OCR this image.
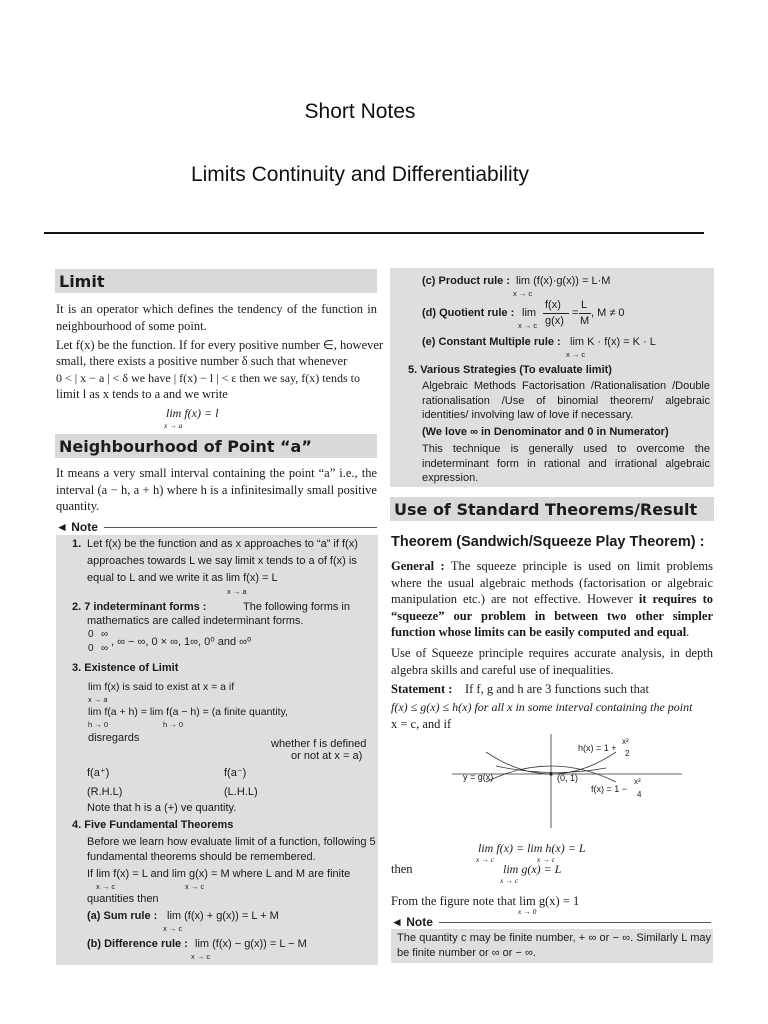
Short Notes
Limits Continuity and Differentiability
Limit
It is an operator which defines the tendency of the function in neighbourhood of some point.
Let f(x) be the function. If for every positive number ∈, however
small, there exists a positive number δ such that whenever
0 < | x − a | < δ we have | f(x) − l | < ε then we say, f(x) tends to
limit l as x tends to a and we write
lim f(x) = l
x → a
Neighbourhood of Point “a”
It means a very small interval containing the point “a” i.e., the interval (a − h, a + h) where h is a infinitesimally small positive quantity.
◄ Note
1. Let f(x) be the function and as x approaches to “a” if f(x)
approaches towards L we say limit x tends to a of f(x) is
equal to L and we write it as lim f(x) = L
x → a
2. 7 indeterminant forms :	The following forms in
mathematics are called indeterminant forms.
0
0
∞
∞
, ∞ − ∞, 0 × ∞, 1∞, 0⁰ and ∞⁰
3. Existence of Limit
lim f(x) is said to exist at x = a if
x → a
lim f(a + h) = lim f(a − h) = (a finite quantity,
h → 0	h → 0
disregards	whether f is defined
or not at x = a)
f(a⁺)	f(a⁻)
(R.H.L)	(L.H.L)
Note that h is a (+) ve quantity.
4. Five Fundamental Theorems
Before we learn how evaluate limit of a function, following 5
fundamental theorems should be remembered.
If lim f(x) = L and lim g(x) = M where L and M are finite
x → c	x → c
quantities then
(a) Sum rule : lim (f(x) + g(x)) = L + M
x → c
(b) Difference rule : lim (f(x) − g(x)) = L − M
x → c
(c) Product rule : lim (f(x)·g(x)) = L·M
x → c
(d) Quotient rule : lim
x → c
f(x)
g(x)
=
L
M
, M ≠ 0
(e) Constant Multiple rule : lim K · f(x) = K · L
x → c
5. Various Strategies (To evaluate limit)
Algebraic Methods Factorisation /Rationalisation /Double rationalisation /Use of binomial theorem/ algebraic identities/ involving law of love if necessary.
(We love ∞ in Denominator and 0 in Numerator)
This technique is generally used to overcome the indeterminant form in rational and irrational algebraic expression.
Use of Standard Theorems/Result
Theorem (Sandwich/Squeeze Play Theorem) :
General : The squeeze principle is used on limit problems where the usual algebraic methods (factorisation or algebraic manipulation etc.) are not effective. However it requires to “squeeze” our problem in between two other simpler function whose limits can be easily computed and equal.
Use of Squeeze principle requires accurate analysis, in depth algebra skills and careful use of inequalities.
Statement : If f, g and h are 3 functions such that
f(x) ≤ g(x) ≤ h(x) for all x in some interval containing the point
x = c, and if
h(x) = 1 +
x²
2
y = g(x)	(0, 1)
f(x) = 1 −
x²
4
lim f(x) = lim h(x) = L
x → c	x → c
then	lim g(x) = L
x → c
From the figure note that lim g(x) = 1
x → 0
◄ Note
The quantity c may be finite number, + ∞ or − ∞. Similarly L may be finite number or ∞ or − ∞.
